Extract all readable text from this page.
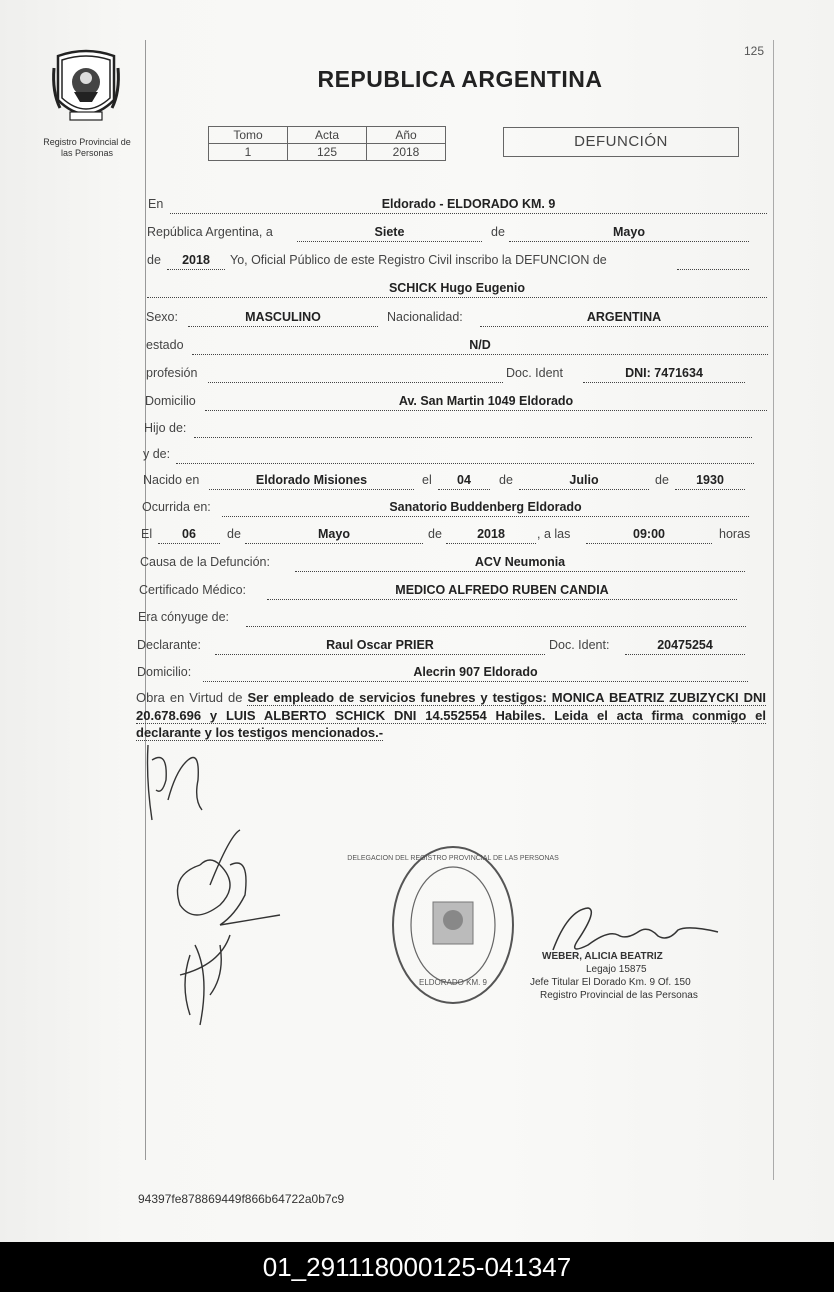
125
Registro Provincial de
las Personas
REPUBLICA ARGENTINA
Tomo	Acta	Año
1	125	2018
DEFUNCIÓN
En	Eldorado - ELDORADO KM. 9
República Argentina, a	Siete	de	Mayo
de	2018	Yo, Oficial Público de este Registro Civil inscribo la DEFUNCION de
SCHICK Hugo Eugenio
Sexo:	MASCULINO	Nacionalidad:	ARGENTINA
estado	N/D
profesión	Doc. Ident	DNI: 7471634
Domicilio	Av. San Martin 1049 Eldorado
Hijo de:
y de:
Nacido en	Eldorado Misiones	el	04	de	Julio	de	1930
Ocurrida en:	Sanatorio Buddenberg Eldorado
El	06	de	Mayo	de	2018	, a las	09:00	horas
Causa de la Defunción:	ACV Neumonia
Certificado Médico:	MEDICO ALFREDO RUBEN CANDIA
Era cónyuge de:
Declarante:	Raul Oscar PRIER	Doc. Ident:	20475254
Domicilio:	Alecrin 907 Eldorado
Obra en Virtud de Ser empleado de servicios funebres y testigos: MONICA BEATRIZ ZUBIZYCKI DNI 20.678.696 y LUIS ALBERTO SCHICK DNI 14.552554 Habiles. Leida el acta firma conmigo el declarante y los testigos mencionados.-
DELEGACION DEL REGISTRO PROVINCIAL DE LAS PERSONAS
ELDORADO KM. 9
WEBER, ALICIA BEATRIZ
Legajo 15875
Jefe Titular El Dorado Km. 9 Of. 150
Registro Provincial de las Personas
94397fe878869449f866b64722a0b7c9
01_291118000125-041347
